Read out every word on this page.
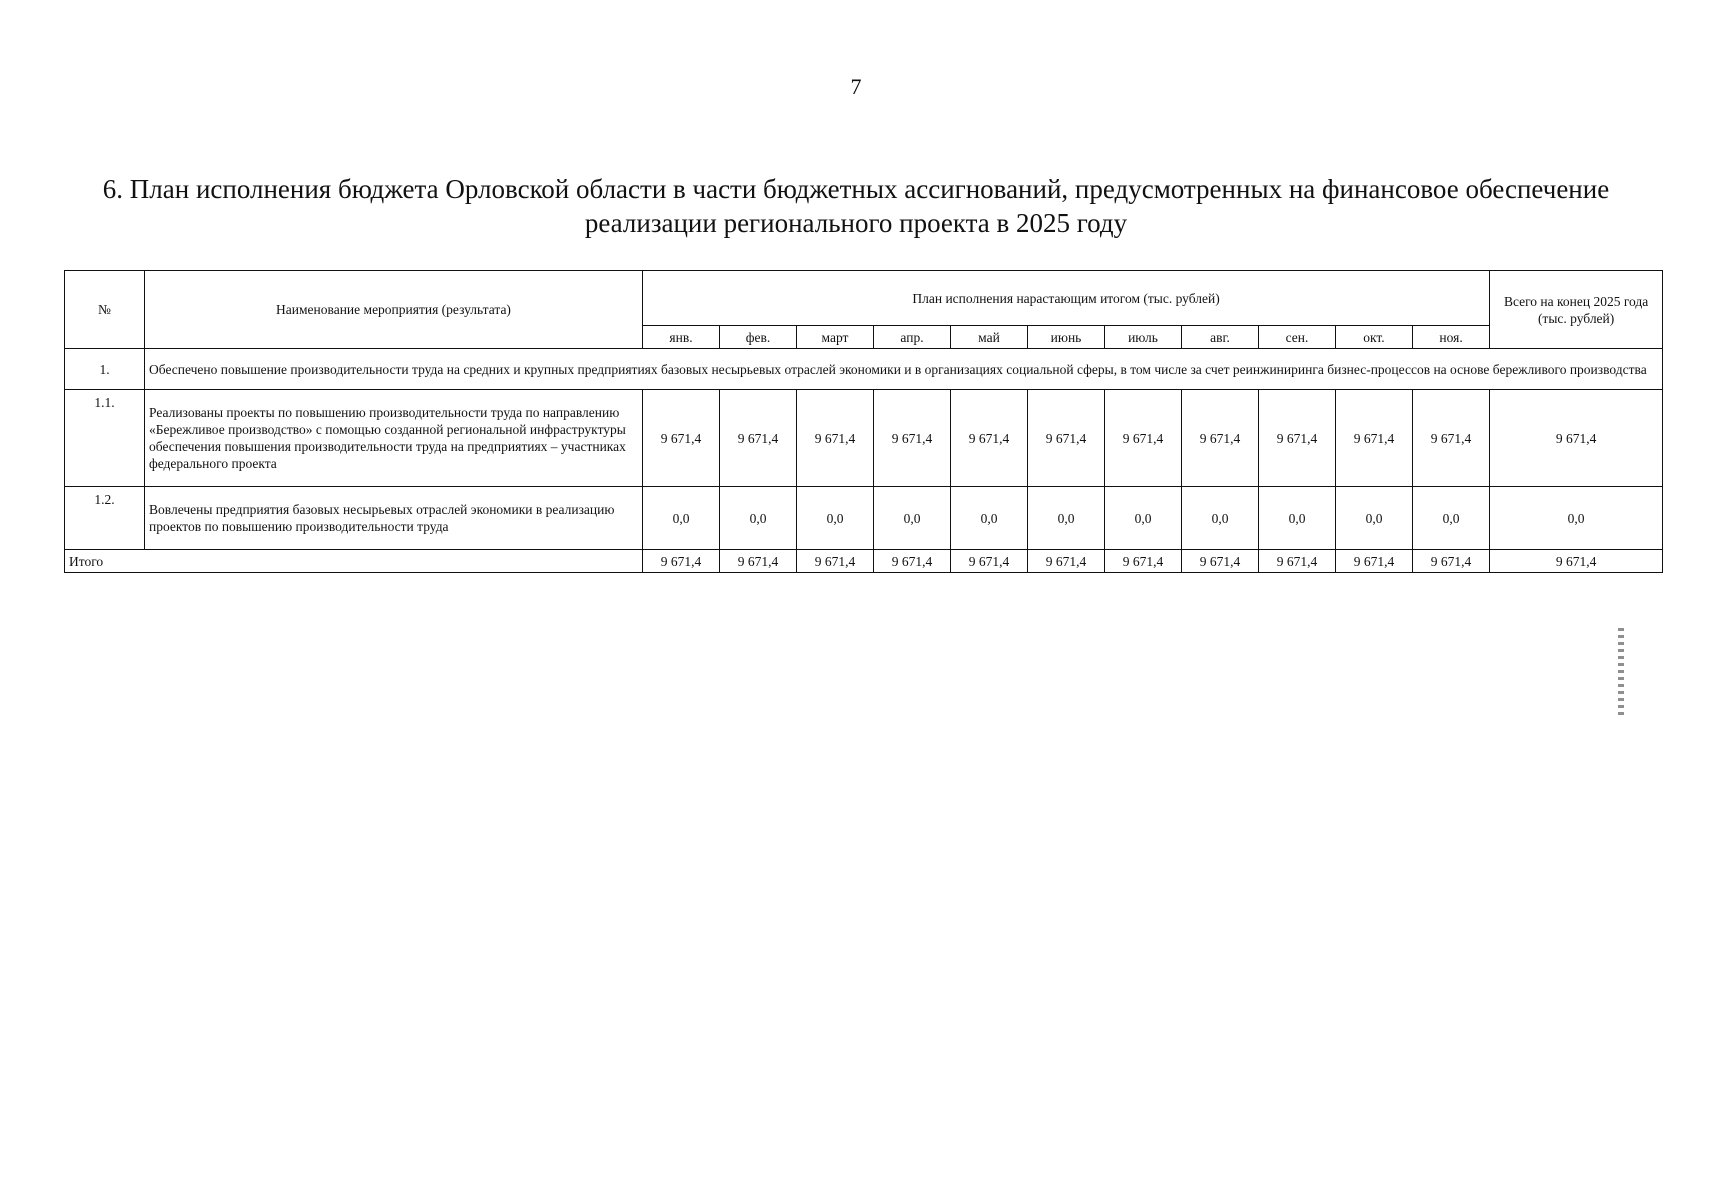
7
6. План исполнения бюджета Орловской области в части бюджетных ассигнований, предусмотренных на финансовое обеспечение
реализации регионального проекта в 2025 году
№	Наименование мероприятия (результата)	План исполнения нарастающим итогом (тыс. рублей)											Всего на конец 2025 года (тыс. рублей)
		янв.	фев.	март	апр.	май	июнь	июль	авг.	сен.	окт.	ноя.	
1.	Обеспечено повышение производительности труда на средних и крупных предприятиях базовых несырьевых отраслей экономики и в организациях социальной сферы, в том числе за счет реинжиниринга бизнес-процессов на основе бережливого производства												
1.1.	Реализованы проекты по повышению производительности труда по направлению «Бережливое производство» с помощью созданной региональной инфраструктуры обеспечения повышения производительности труда на предприятиях – участниках федерального проекта	9 671,4	9 671,4	9 671,4	9 671,4	9 671,4	9 671,4	9 671,4	9 671,4	9 671,4	9 671,4	9 671,4	9 671,4
1.2.	Вовлечены предприятия базовых несырьевых отраслей экономики в реализацию проектов по повышению производительности труда	0,0	0,0	0,0	0,0	0,0	0,0	0,0	0,0	0,0	0,0	0,0	0,0
Итого		9 671,4	9 671,4	9 671,4	9 671,4	9 671,4	9 671,4	9 671,4	9 671,4	9 671,4	9 671,4	9 671,4	9 671,4
